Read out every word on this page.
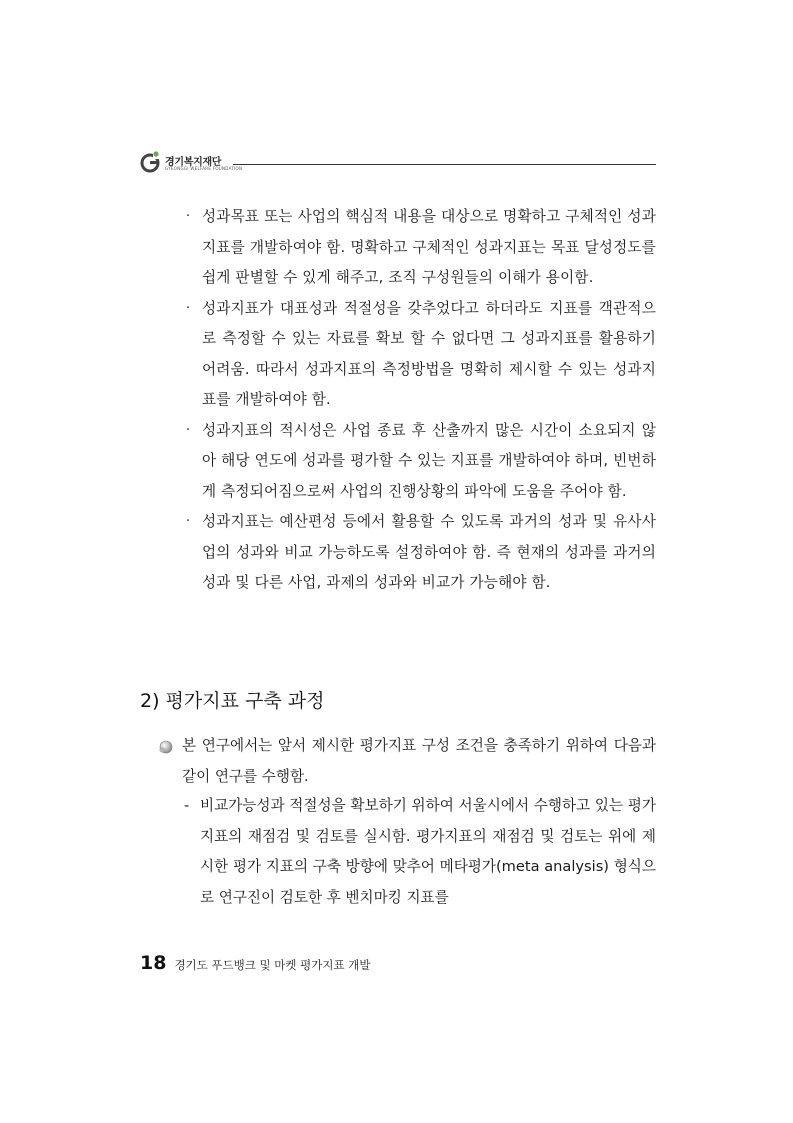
경기복지재단
GYEONGGI WELFARE FOUNDATION
· 성과목표 또는 사업의 핵심적 내용을 대상으로 명확하고 구체적인 성과지표를 개발하여야 함. 명확하고 구체적인 성과지표는 목표 달성정도를 쉽게 판별할 수 있게 해주고, 조직 구성원들의 이해가 용이함.
· 성과지표가 대표성과 적절성을 갖추었다고 하더라도 지표를 객관적으로 측정할 수 있는 자료를 확보 할 수 없다면 그 성과지표를 활용하기 어려움. 따라서 성과지표의 측정방법을 명확히 제시할 수 있는 성과지표를 개발하여야 함.
· 성과지표의 적시성은 사업 종료 후 산출까지 많은 시간이 소요되지 않아 해당 연도에 성과를 평가할 수 있는 지표를 개발하여야 하며, 빈번하게 측정되어짐으로써 사업의 진행상황의 파악에 도움을 주어야 함.
· 성과지표는 예산편성 등에서 활용할 수 있도록 과거의 성과 및 유사사업의 성과와 비교 가능하도록 설정하여야 함. 즉 현재의 성과를 과거의 성과 및 다른 사업, 과제의 성과와 비교가 가능해야 함.
2) 평가지표 구축 과정
본 연구에서는 앞서 제시한 평가지표 구성 조건을 충족하기 위하여 다음과 같이 연구를 수행함.
- 비교가능성과 적절성을 확보하기 위하여 서울시에서 수행하고 있는 평가 지표의 재점검 및 검토를 실시함. 평가지표의 재점검 및 검토는 위에 제시한 평가 지표의 구축 방향에 맞추어 메타평가(meta analysis) 형식으로 연구진이 검토한 후 벤치마킹 지표를
18 경기도 푸드뱅크 및 마켓 평가지표 개발
